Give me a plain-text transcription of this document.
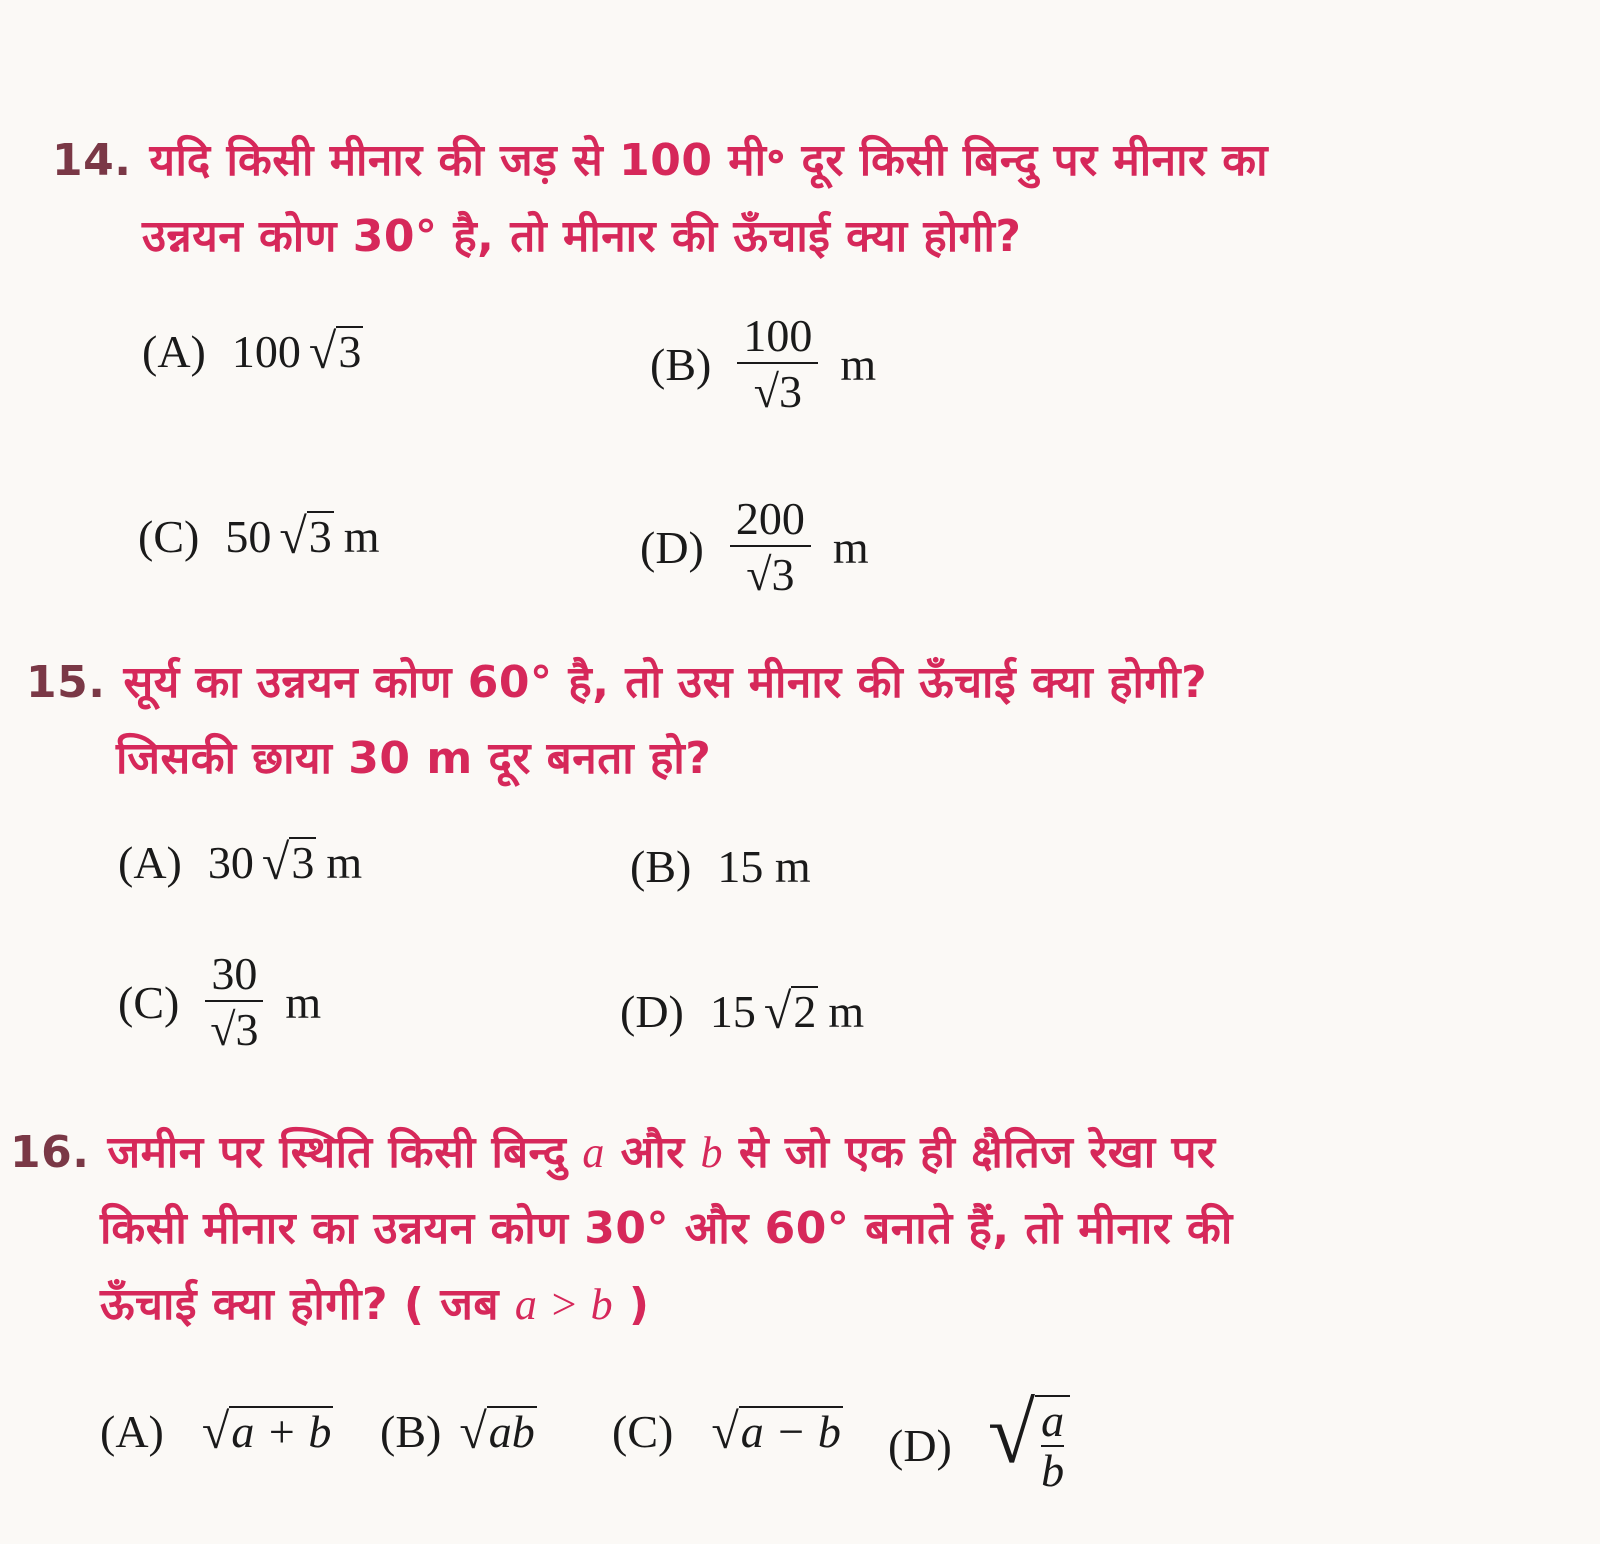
14. यदि किसी मीनार की जड़ से 100 मी॰ दूर किसी बिन्दु पर मीनार का
उन्नयन कोण 30° है, तो मीनार की ऊँचाई क्या होगी?
(A) 100 √ 3	$(B) \frac{100}{√ 3}$ m
(C) 50 √ 3 m	$(D) \frac{200}{√ 3}$ m
15. सूर्य का उन्नयन कोण 60° है, तो उस मीनार की ऊँचाई क्या होगी?
जिसकी छाया 30 m दूर बनता हो?
(A) 30 √ 3 m	(B) 15 m
$(C) \frac{30}{√ 3}$ m	(D) 15 √ 2 m
16. जमीन पर स्थिति किसी बिन्दु a और b से जो एक ही क्षैतिज रेखा पर
किसी मीनार का उन्नयन कोण 30° और 60° बनाते हैं, तो मीनार की
ऊँचाई क्या होगी? ( जब a > b )
(A) √ a + b (B) √ ab (C) √ a − b (D) √ $\frac{a}{b}$
